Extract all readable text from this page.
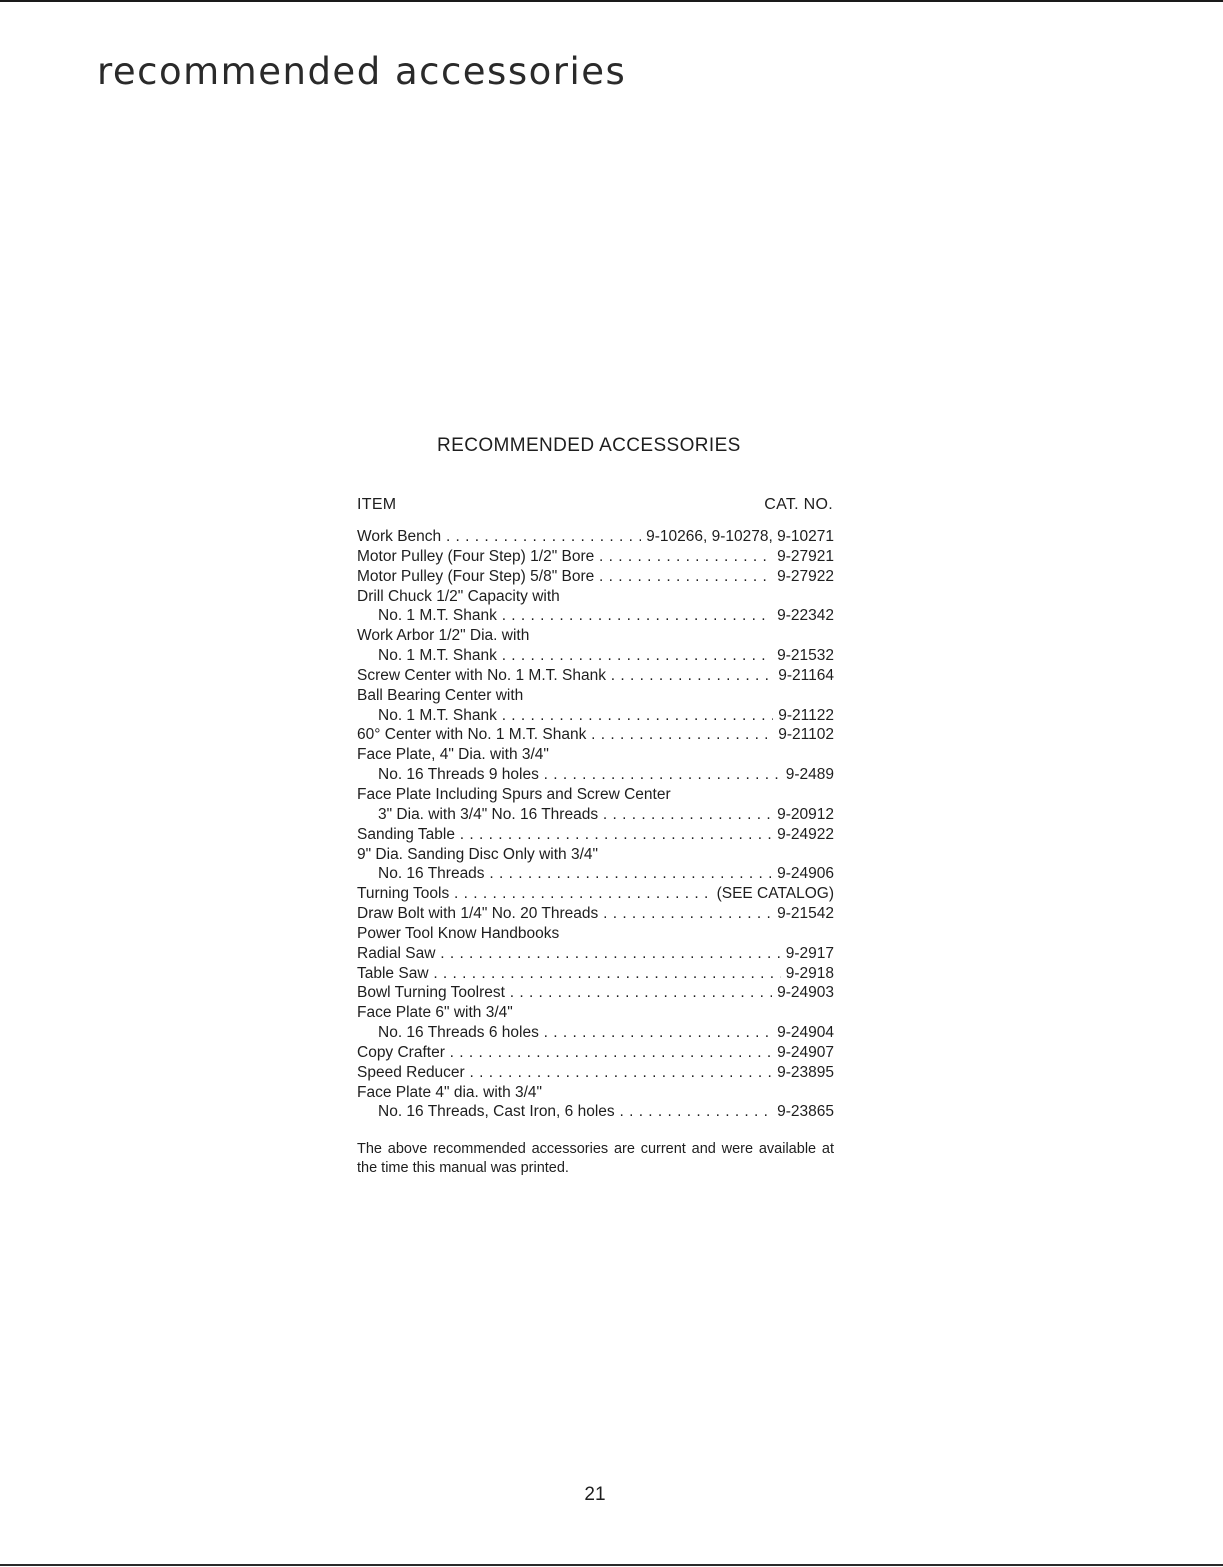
recommended accessories
RECOMMENDED ACCESSORIES
ITEM	CAT. NO.
Work Bench . . .	9-10266, 9-10278, 9-10271
Motor Pulley (Four Step) 1/2" Bore . . .	9-27921
Motor Pulley (Four Step) 5/8" Bore . . .	9-27922
Drill Chuck 1/2" Capacity with
No. 1 M.T. Shank . . .	9-22342
Work Arbor 1/2" Dia. with
No. 1 M.T. Shank . . .	9-21532
Screw Center with No. 1 M.T. Shank . . .	9-21164
Ball Bearing Center with
No. 1 M.T. Shank . . .	9-21122
60° Center with No. 1 M.T. Shank . . .	9-21102
Face Plate, 4" Dia. with 3/4"
No. 16 Threads 9 holes . . .	9-2489
Face Plate Including Spurs and Screw Center
3" Dia. with 3/4" No. 16 Threads . . .	9-20912
Sanding Table . . .	9-24922
9" Dia. Sanding Disc Only with 3/4"
No. 16 Threads . . .	9-24906
Turning Tools . . .	(SEE CATALOG)
Draw Bolt with 1/4" No. 20 Threads . . .	9-21542
Power Tool Know Handbooks
Radial Saw . . .	9-2917
Table Saw . . .	9-2918
Bowl Turning Toolrest . . .	9-24903
Face Plate 6" with 3/4"
No. 16 Threads 6 holes . . .	9-24904
Copy Crafter . . .	9-24907
Speed Reducer . . .	9-23895
Face Plate 4" dia. with 3/4"
No. 16 Threads, Cast Iron, 6 holes . . .	9-23865

The above recommended accessories are current and were available at the time this manual was printed.

21
